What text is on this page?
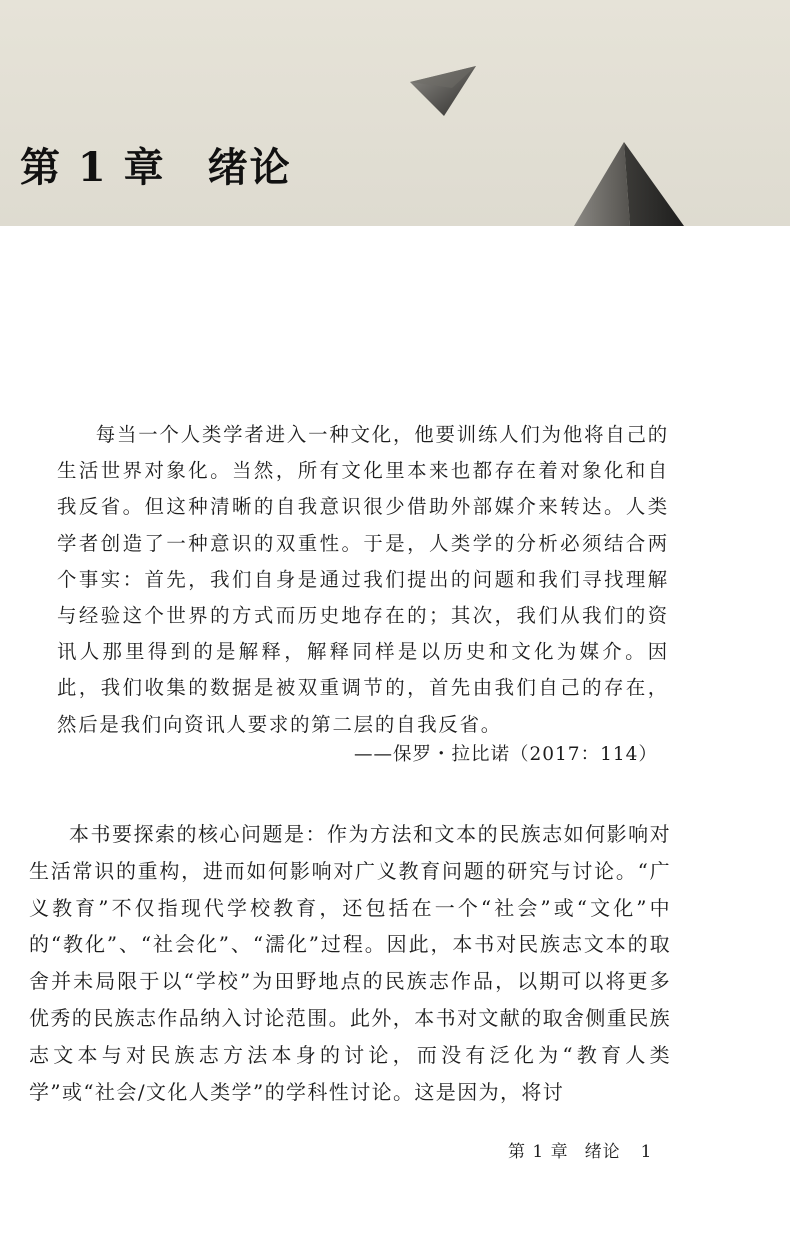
第 1 章　绪论

每当一个人类学者进入一种文化，他要训练人们为他将自己的生活世界对象化。当然，所有文化里本来也都存在着对象化和自我反省。但这种清晰的自我意识很少借助外部媒介来转达。人类学者创造了一种意识的双重性。于是，人类学的分析必须结合两个事实：首先，我们自身是通过我们提出的问题和我们寻找理解与经验这个世界的方式而历史地存在的；其次，我们从我们的资讯人那里得到的是解释，解释同样是以历史和文化为媒介。因此，我们收集的数据是被双重调节的，首先由我们自己的存在，然后是我们向资讯人要求的第二层的自我反省。

——保罗・拉比诺（2017：114）

本书要探索的核心问题是：作为方法和文本的民族志如何影响对生活常识的重构，进而如何影响对广义教育问题的研究与讨论。“广义教育”不仅指现代学校教育，还包括在一个“社会”或“文化”中的“教化”、“社会化”、“濡化”过程。因此，本书对民族志文本的取舍并未局限于以“学校”为田野地点的民族志作品，以期可以将更多优秀的民族志作品纳入讨论范围。此外，本书对文献的取舍侧重民族志文本与对民族志方法本身的讨论，而没有泛化为“教育人类学”或“社会/文化人类学”的学科性讨论。这是因为，将讨

第 1 章 绪论 1
